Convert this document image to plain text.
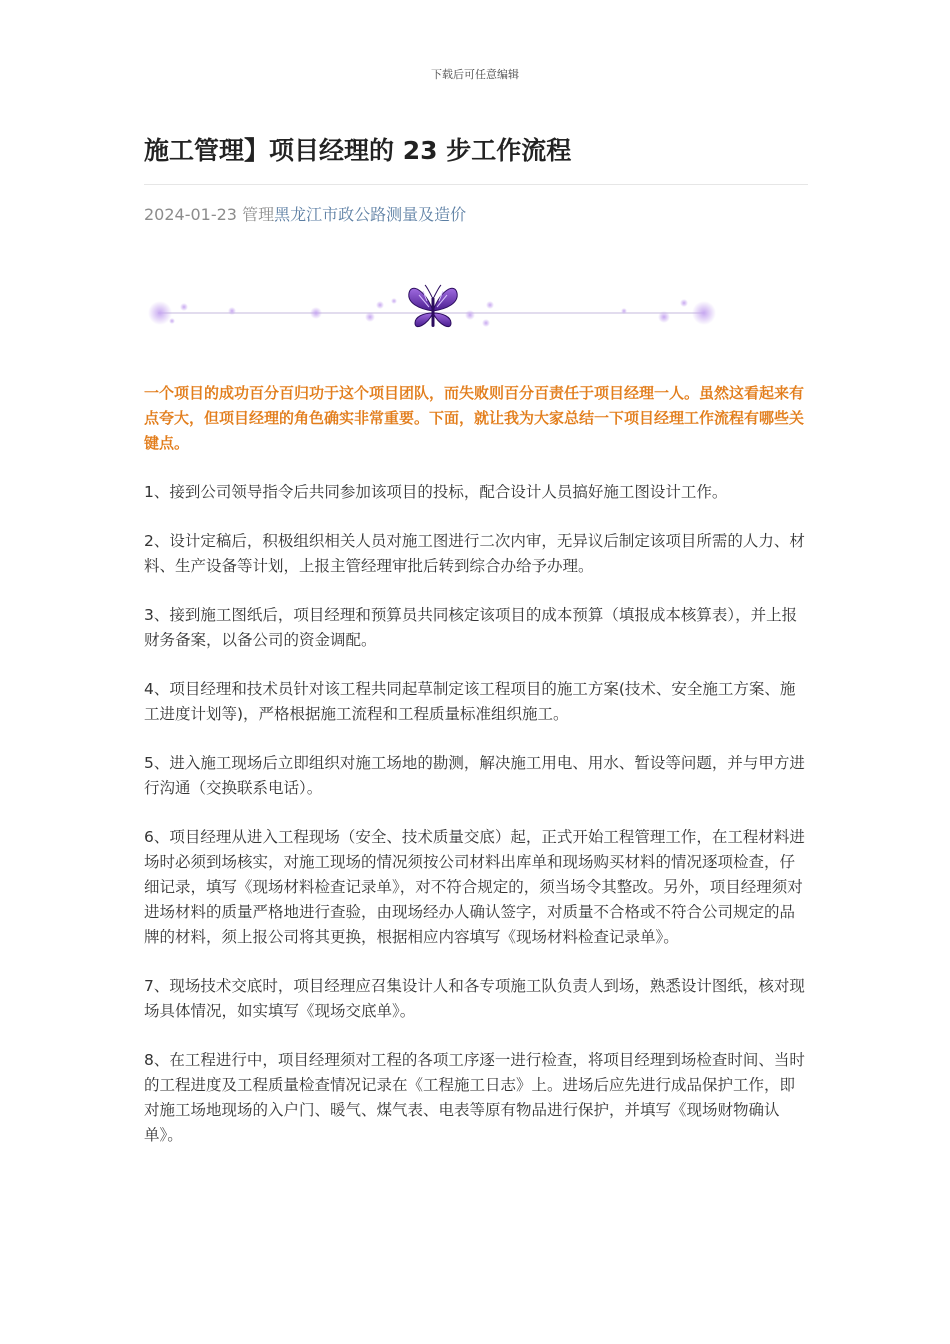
下载后可任意编辑
施工管理】项目经理的 23 步工作流程
2024-01-23 管理黑龙江市政公路测量及造价
一个项目的成功百分百归功于这个项目团队，而失败则百分百责任于项目经理一人。虽然这看起来有点夸大，但项目经理的角色确实非常重要。下面，就让我为大家总结一下项目经理工作流程有哪些关键点。
1、接到公司领导指令后共同参加该项目的投标，配合设计人员搞好施工图设计工作。
2、设计定稿后，积极组织相关人员对施工图进行二次内审，无异议后制定该项目所需的人力、材料、生产设备等计划，上报主管经理审批后转到综合办给予办理。
3、接到施工图纸后，项目经理和预算员共同核定该项目的成本预算（填报成本核算表），并上报财务备案，以备公司的资金调配。
4、项目经理和技术员针对该工程共同起草制定该工程项目的施工方案(技术、安全施工方案、施工进度计划等)，严格根据施工流程和工程质量标准组织施工。
5、进入施工现场后立即组织对施工场地的勘测，解决施工用电、用水、暂设等问题，并与甲方进行沟通（交换联系电话）。
6、项目经理从进入工程现场（安全、技术质量交底）起，正式开始工程管理工作，在工程材料进场时必须到场核实，对施工现场的情况须按公司材料出库单和现场购买材料的情况逐项检查，仔细记录，填写《现场材料检查记录单》，对不符合规定的，须当场令其整改。另外，项目经理须对进场材料的质量严格地进行查验，由现场经办人确认签字，对质量不合格或不符合公司规定的品牌的材料，须上报公司将其更换，根据相应内容填写《现场材料检查记录单》。
7、现场技术交底时，项目经理应召集设计人和各专项施工队负责人到场，熟悉设计图纸，核对现场具体情况，如实填写《现场交底单》。
8、在工程进行中，项目经理须对工程的各项工序逐一进行检查，将项目经理到场检查时间、当时的工程进度及工程质量检查情况记录在《工程施工日志》上。进场后应先进行成品保护工作，即对施工场地现场的入户门、暖气、煤气表、电表等原有物品进行保护，并填写《现场财物确认单》。
